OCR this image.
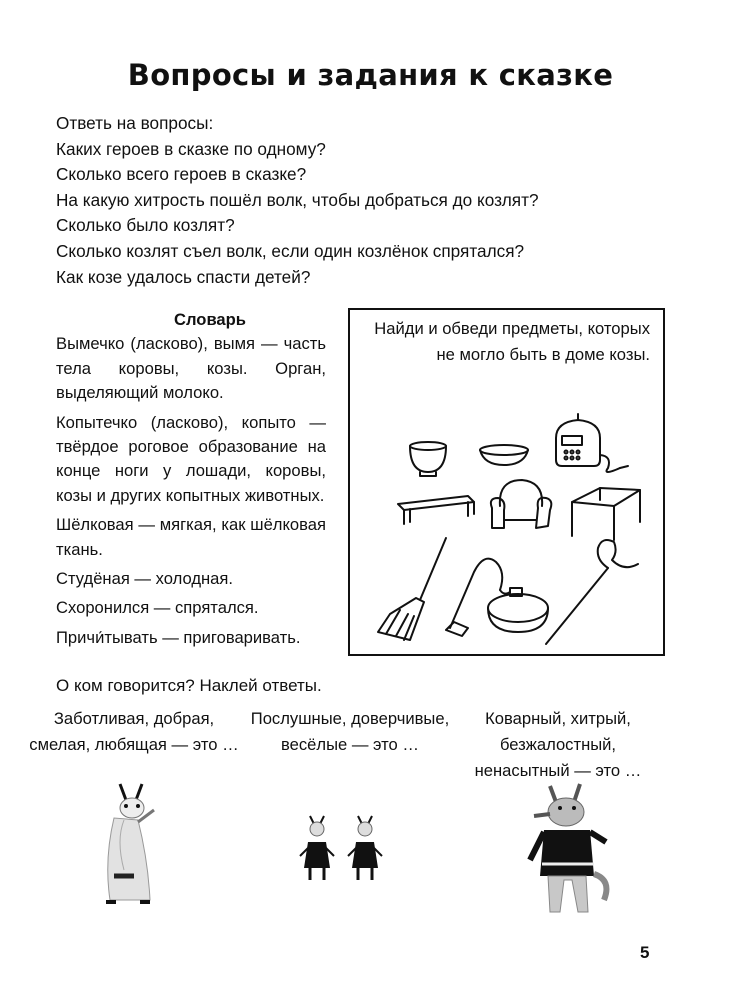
Вопросы и задания к сказке
Ответь на вопросы:
Каких героев в сказке по одному?
Сколько всего героев в сказке?
На какую хитрость пошёл волк, чтобы добраться до козлят?
Сколько было козлят?
Сколько козлят съел волк, если один козлёнок спрятался?
Как козе удалось спасти детей?
Словарь

Вымечко (ласково), вымя — часть тела коровы, козы. Орган, выделяющий молоко.

Копытечко (ласково), копыто — твёрдое роговое образование на конце ноги у лошади, коровы, козы и других копытных животных.

Шёлковая — мягкая, как шёлковая ткань.

Студёная — холодная.

Схоронился — спрятался.

Причи́тывать — приговаривать.

Найди и обведи предметы, которых не могло быть в доме козы.
О ком говорится? Наклей ответы.
Заботливая, добрая, смелая, любящая — это …
Послушные, доверчивые, весёлые — это …
Коварный, хитрый, безжалостный, ненасытный — это …
5
